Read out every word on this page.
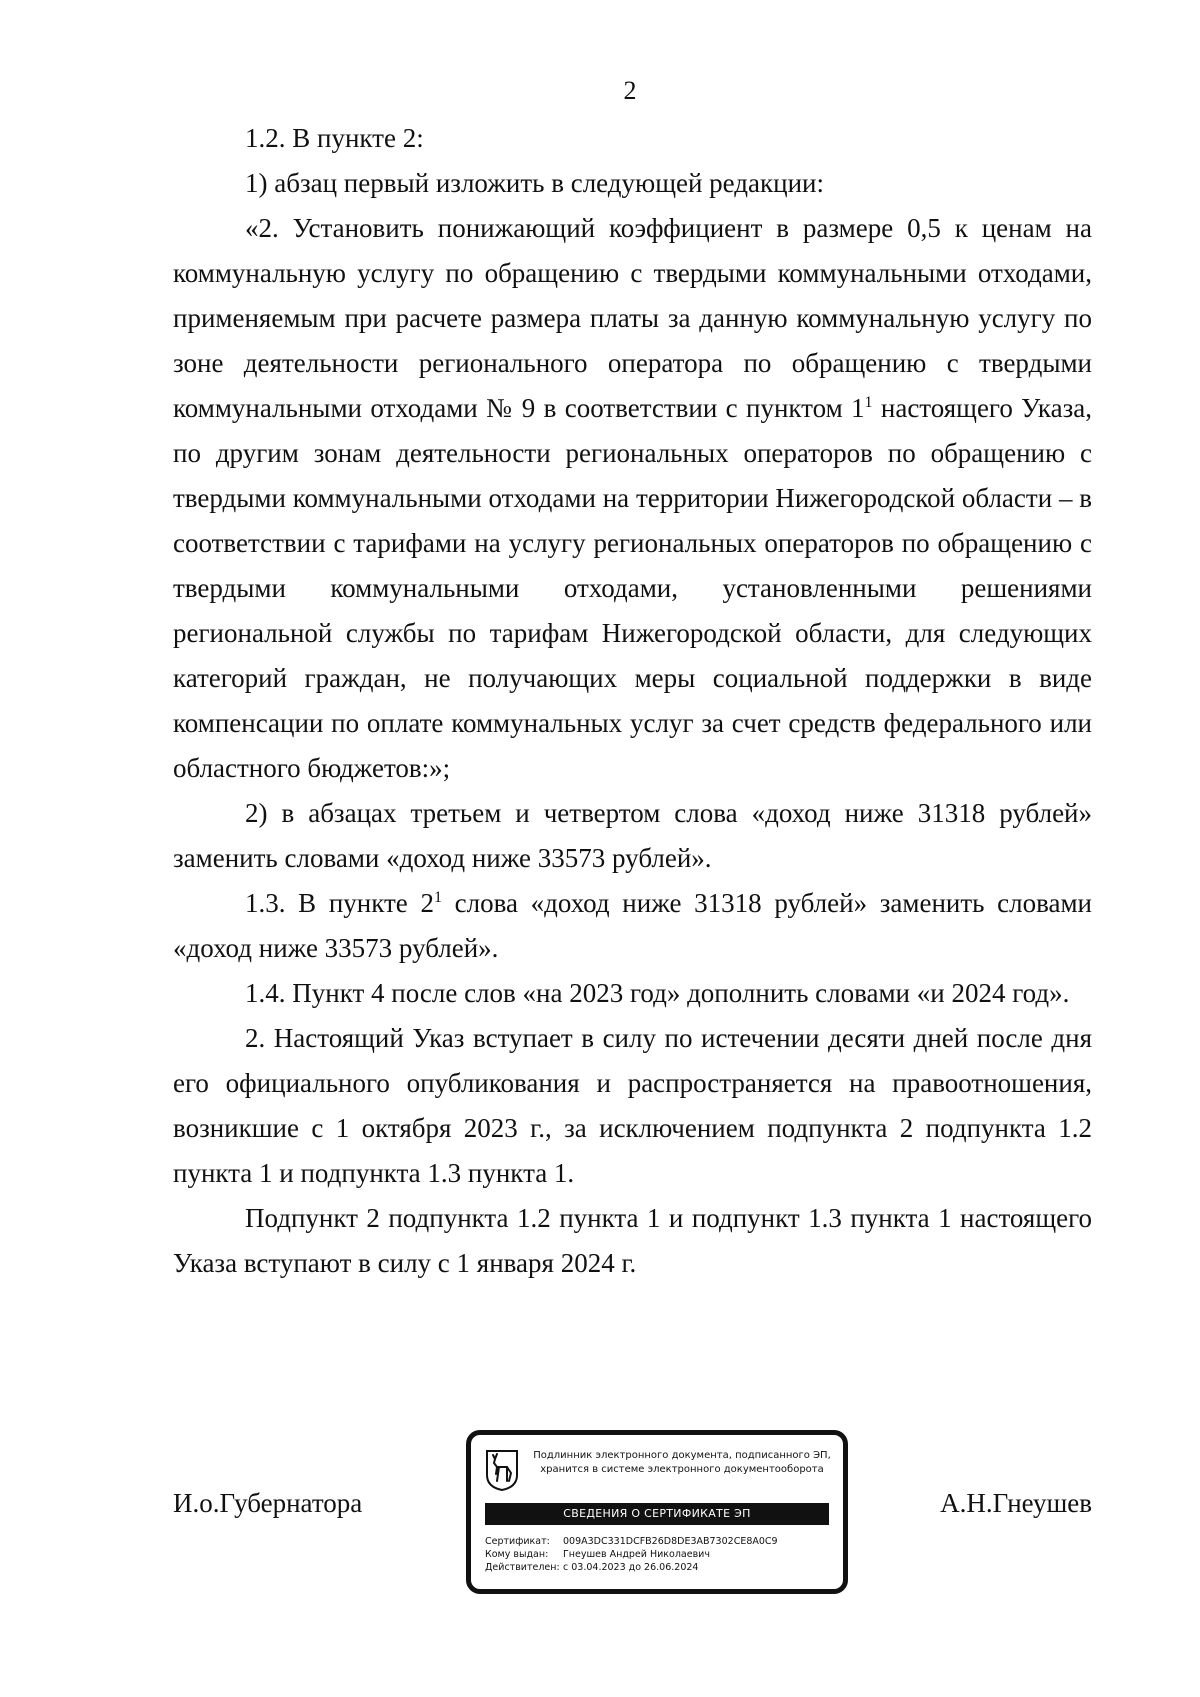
2

1.2. В пункте 2:

1) абзац первый изложить в следующей редакции:

«2. Установить понижающий коэффициент в размере 0,5 к ценам на коммунальную услугу по обращению с твердыми коммунальными отходами, применяемым при расчете размера платы за данную коммунальную услугу по зоне деятельности регионального оператора по обращению с твердыми коммунальными отходами № 9 в соответствии с пунктом $1^1$ настоящего Указа, по другим зонам деятельности региональных операторов по обращению с твердыми коммунальными отходами на территории Нижегородской области – в соответствии с тарифами на услугу региональных операторов по обращению с твердыми коммунальными отходами, установленными решениями региональной службы по тарифам Нижегородской области, для следующих категорий граждан, не получающих меры социальной поддержки в виде компенсации по оплате коммунальных услуг за счет средств федерального или областного бюджетов:»;

2) в абзацах третьем и четвертом слова «доход ниже 31318 рублей» заменить словами «доход ниже 33573 рублей».

1.3. В пункте $2^1$ слова «доход ниже 31318 рублей» заменить словами «доход ниже 33573 рублей».

1.4. Пункт 4 после слов «на 2023 год» дополнить словами «и 2024 год».

2. Настоящий Указ вступает в силу по истечении десяти дней после дня его официального опубликования и распространяется на правоотношения, возникшие с 1 октября 2023 г., за исключением подпункта 2 подпункта 1.2 пункта 1 и подпункта 1.3 пункта 1.

Подпункт 2 подпункта 1.2 пункта 1 и подпункт 1.3 пункта 1 настоящего Указа вступают в силу с 1 января 2024 г.

И.о.Губернатора	А.Н.Гнеушев
Подлинник электронного документа, подписанного ЭП,
хранится в системе электронного документооборота
СВЕДЕНИЯ О СЕРТИФИКАТЕ ЭП
Сертификат: 009A3DC331DCFB26D8DE3AB7302CE8A0C9
Кому выдан: Гнеушев Андрей Николаевич
Действителен: с 03.04.2023 до 26.06.2024
